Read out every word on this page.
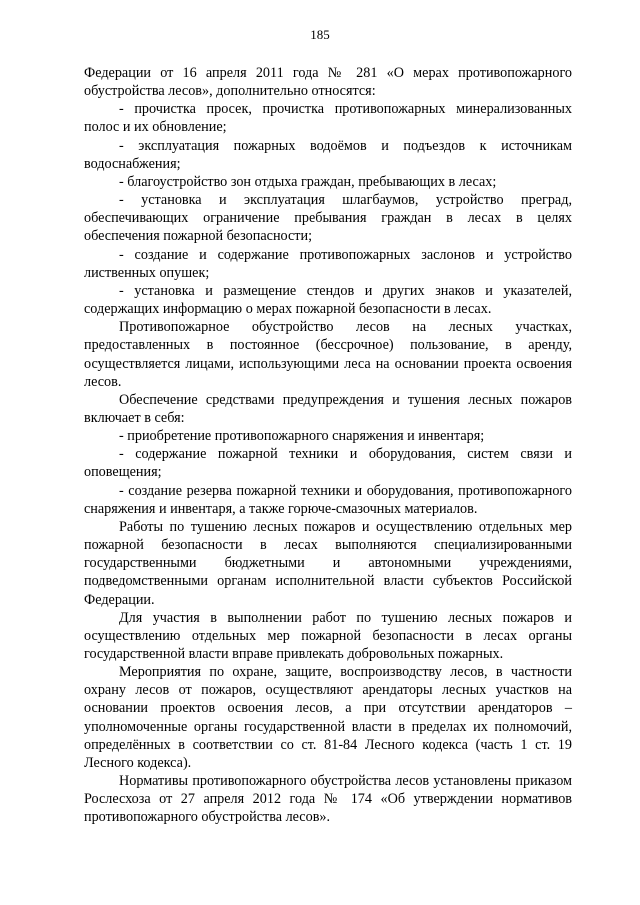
185

Федерации от 16 апреля 2011 года № 281 «О мерах противопожарного обустройства лесов», дополнительно относятся:

- прочистка просек, прочистка противопожарных минерализованных полос и их обновление;

- эксплуатация пожарных водоёмов и подъездов к источникам водоснабжения;

- благоустройство зон отдыха граждан, пребывающих в лесах;

- установка и эксплуатация шлагбаумов, устройство преград, обеспечивающих ограничение пребывания граждан в лесах в целях обеспечения пожарной безопасности;

- создание и содержание противопожарных заслонов и устройство лиственных опушек;

- установка и размещение стендов и других знаков и указателей, содержащих информацию о мерах пожарной безопасности в лесах.

Противопожарное обустройство лесов на лесных участках, предоставленных в постоянное (бессрочное) пользование, в аренду, осуществляется лицами, использующими леса на основании проекта освоения лесов.

Обеспечение средствами предупреждения и тушения лесных пожаров включает в себя:

- приобретение противопожарного снаряжения и инвентаря;

- содержание пожарной техники и оборудования, систем связи и оповещения;

- создание резерва пожарной техники и оборудования, противопожарного снаряжения и инвентаря, а также горюче-смазочных материалов.

Работы по тушению лесных пожаров и осуществлению отдельных мер пожарной безопасности в лесах выполняются специализированными государственными бюджетными и автономными учреждениями, подведомственными органам исполнительной власти субъектов Российской Федерации.

Для участия в выполнении работ по тушению лесных пожаров и осуществлению отдельных мер пожарной безопасности в лесах органы государственной власти вправе привлекать добровольных пожарных.

Мероприятия по охране, защите, воспроизводству лесов, в частности охрану лесов от пожаров, осуществляют арендаторы лесных участков на основании проектов освоения лесов, а при отсутствии арендаторов – уполномоченные органы государственной власти в пределах их полномочий, определённых в соответствии со ст. 81-84 Лесного кодекса (часть 1 ст. 19 Лесного кодекса).

Нормативы противопожарного обустройства лесов установлены приказом Рослесхоза от 27 апреля 2012 года № 174 «Об утверждении нормативов противопожарного обустройства лесов».
